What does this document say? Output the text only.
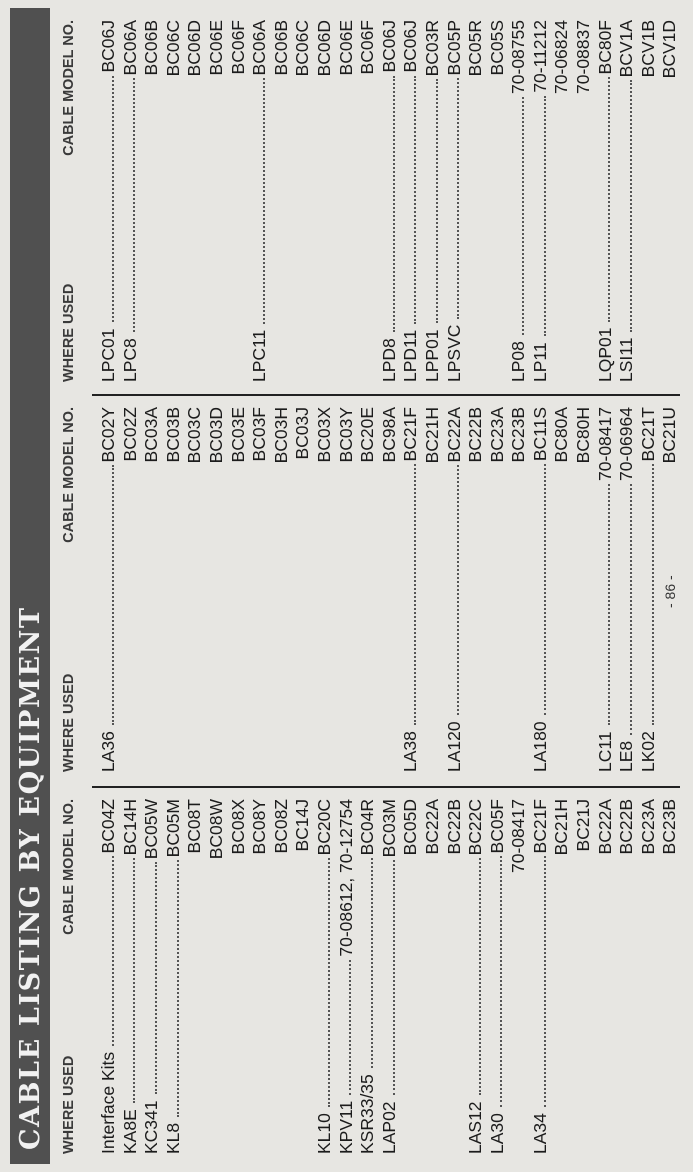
CABLE LISTING BY EQUIPMENT WHERE USED
CABLE MODEL NO.
WHERE USED
CABLE MODEL NO.
WHERE USED
CABLE MODEL NO.
Interface Kits
BC04Z
KA8E
BC14H
KC341
BC05W
KL8
BC05M BC08T BC08W BC08X BC08Y BC08Z BC14J
KL10
BC20C
KPV11
70-08612, 70-12754
KSR33/35
BC04R
LAP02
BC03M BC05D BC22A BC22B
LAS12
BC22C
LA30
BC05F 70-08417
LA34
BC21F BC21H BC21J BC22A BC22B BC23A BC23B
LA36
BC02Y BC02Z BC03A BC03B BC03C BC03D BC03E BC03F BC03H BC03J BC03X BC03Y BC20E BC98A
LA38
BC21F BC21H
LA120
BC22A BC22B BC23A BC23B
LA180
BC11S BC80A BC80H
LC11
70-08417
LE8
70-06964
LK02
BC21T BC21U
LPC01
BC06J
LPC8
BC06A BC06B BC06C BC06D BC06E BC06F
LPC11
BC06A BC06B BC06C BC06D BC06E BC06F
LPD8
BC06J
LPD11
BC06J
LPP01
BC03R
LPSVC
BC05P BC05R BC05S
LP08
70-08755
LP11
70-11212 70-06824 70-08837
LQP01
BC80F
LSI11
BCV1A BCV1B BCV1D
- 86 -
